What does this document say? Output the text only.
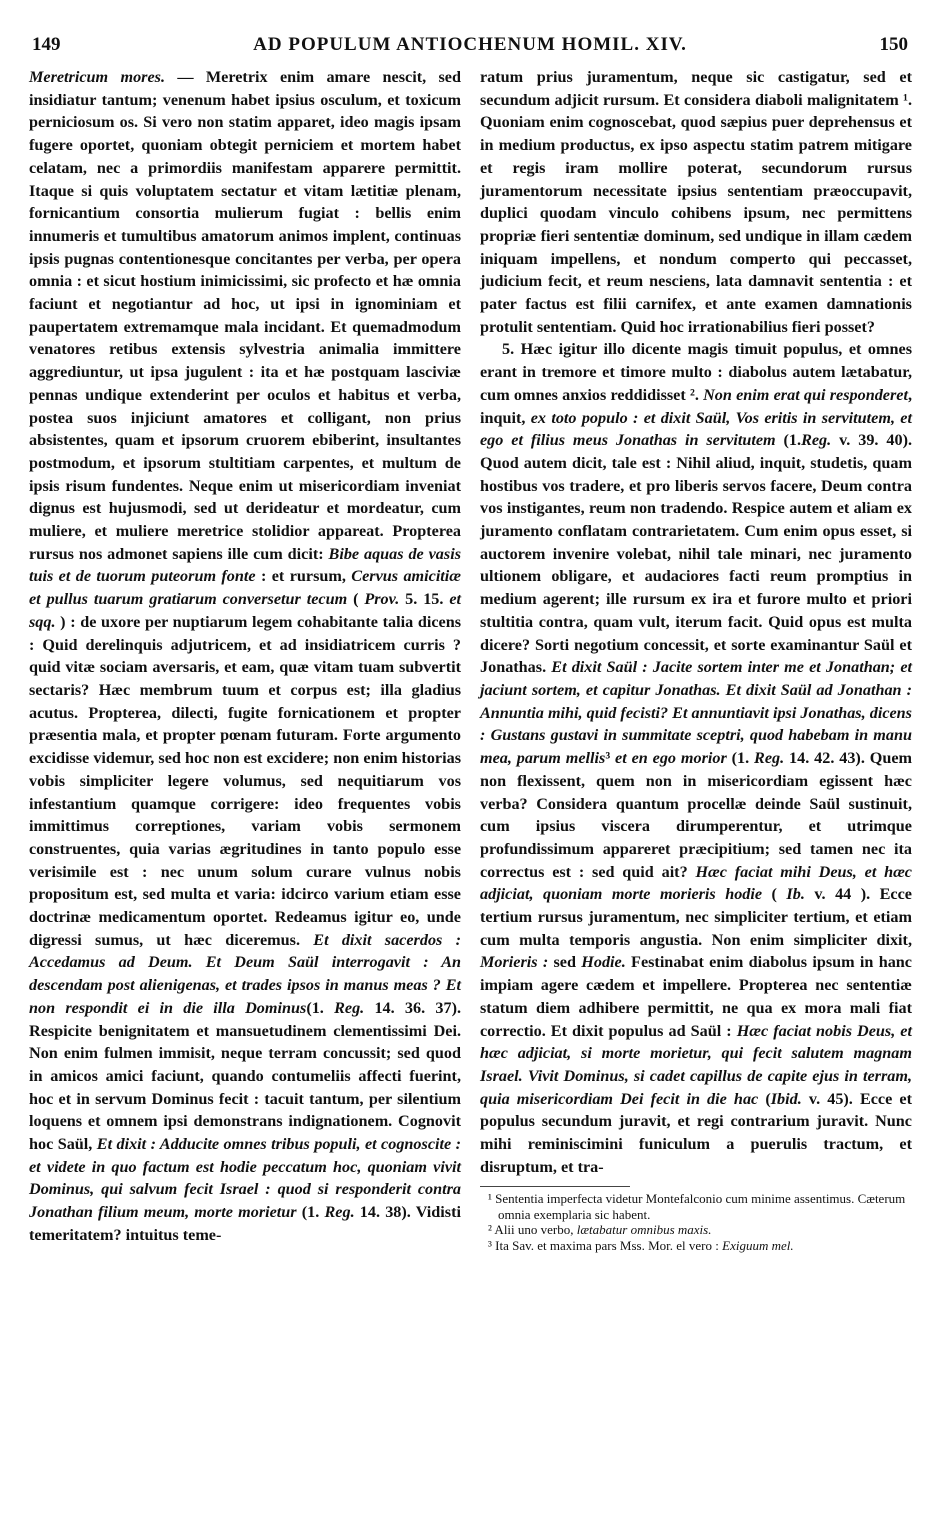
149	AD POPULUM ANTIOCHENUM HOMIL. XIV.	150

Meretricum mores. — Meretrix enim amare nescit, sed insidiatur tantum; venenum habet ipsius osculum, et toxicum perniciosum os. Si vero non statim apparet, ideo magis ipsam fugere oportet, quoniam obtegit perniciem et mortem habet celatam, nec a primordiis manifestam apparere permittit. Itaque si quis voluptatem sectatur et vitam lætitiæ plenam, fornicantium consortia mulierum fugiat : bellis enim innumeris et tumultibus amatorum animos implent, continuas ipsis pugnas contentionesque concitantes per verba, per opera omnia : et sicut hostium inimicissimi, sic profecto et hæ omnia faciunt et negotiantur ad hoc, ut ipsi in ignominiam et paupertatem extremamque mala incidant. Et quemadmodum venatores retibus extensis sylvestria animalia immittere aggrediuntur, ut ipsa jugulent : ita et hæ postquam lasciviæ pennas undique extenderint per oculos et habitus et verba, postea suos injiciunt amatores et colligant, non prius absistentes, quam et ipsorum cruorem ebiberint, insultantes postmodum, et ipsorum stultitiam carpentes, et multum de ipsis risum fundentes. Neque enim ut misericordiam inveniat dignus est hujusmodi, sed ut derideatur et mordeatur, cum muliere, et muliere meretrice stolidior appareat. Propterea rursus nos admonet sapiens ille cum dicit: Bibe aquas de vasis tuis et de tuorum puteorum fonte : et rursum, Cervus amicitiæ et pullus tuarum gratiarum conversetur tecum ( Prov. 5. 15. et sqq. ) : de uxore per nuptiarum legem cohabitante talia dicens : Quid derelinquis adjutricem, et ad insidiatricem curris ? quid vitæ sociam aversaris, et eam, quæ vitam tuam subvertit sectaris? Hæc membrum tuum et corpus est; illa gladius acutus. Propterea, dilecti, fugite fornicationem et propter præsentia mala, et propter pœnam futuram. Forte argumento excidisse videmur, sed hoc non est excidere; non enim historias vobis simpliciter legere volumus, sed nequitiarum vos infestantium quamque corrigere: ideo frequentes vobis immittimus correptiones, variam vobis sermonem construentes, quia varias ægritudines in tanto populo esse verisimile est : nec unum solum curare vulnus nobis propositum est, sed multa et varia: idcirco varium etiam esse doctrinæ medicamentum oportet. Redeamus igitur eo, unde digressi sumus, ut hæc diceremus. Et dixit sacerdos : Accedamus ad Deum. Et Deum Saül interrogavit : An descendam post alienigenas, et trades ipsos in manus meas ? Et non respondit ei in die illa Dominus(1. Reg. 14. 36. 37). Respicite benignitatem et mansuetudinem clementissimi Dei. Non enim fulmen immisit, neque terram concussit; sed quod in amicos amici faciunt, quando contumeliis affecti fuerint, hoc et in servum Dominus fecit : tacuit tantum, per silentium loquens et omnem ipsi demonstrans indignationem. Cognovit hoc Saül, Et dixit : Adducite omnes tribus populi, et cognoscite : et videte in quo factum est hodie peccatum hoc, quoniam vivit Dominus, qui salvum fecit Israel : quod si responderit contra Jonathan filium meum, morte morietur (1. Reg. 14. 38). Vidisti temeritatem? intuitus teme-

ratum prius juramentum, neque sic castigatur, sed et secundum adjicit rursum. Et considera diaboli malignitatem ¹. Quoniam enim cognoscebat, quod sæpius puer deprehensus et in medium productus, ex ipso aspectu statim patrem mitigare et regis iram mollire poterat, secundorum rursus juramentorum necessitate ipsius sententiam præoccupavit, duplici quodam vinculo cohibens ipsum, nec permittens propriæ fieri sententiæ dominum, sed undique in illam cædem iniquam impellens, et nondum comperto qui peccasset, judicium fecit, et reum nesciens, lata damnavit sententia : et pater factus est filii carnifex, et ante examen damnationis protulit sententiam. Quid hoc irrationabilius fieri posset?

5. Hæc igitur illo dicente magis timuit populus, et omnes erant in tremore et timore multo : diabolus autem lætabatur, cum omnes anxios reddidisset ². Non enim erat qui responderet, inquit, ex toto populo : et dixit Saül, Vos eritis in servitutem, et ego et filius meus Jonathas in servitutem (1.Reg. v. 39. 40). Quod autem dicit, tale est : Nihil aliud, inquit, studetis, quam hostibus vos tradere, et pro liberis servos facere, Deum contra vos instigantes, reum non tradendo. Respice autem et aliam ex juramento conflatam contrarietatem. Cum enim opus esset, si auctorem invenire volebat, nihil tale minari, nec juramento ultionem obligare, et audaciores facti reum promptius in medium agerent; ille rursum ex ira et furore multo et priori stultitia contra, quam vult, iterum facit. Quid opus est multa dicere? Sorti negotium concessit, et sorte examinantur Saül et Jonathas. Et dixit Saül : Jacite sortem inter me et Jonathan; et jaciunt sortem, et capitur Jonathas. Et dixit Saül ad Jonathan : Annuntia mihi, quid fecisti? Et annuntiavit ipsi Jonathas, dicens : Gustans gustavi in summitate sceptri, quod habebam in manu mea, parum mellis³ et en ego morior (1. Reg. 14. 42. 43). Quem non flexissent, quem non in misericordiam egissent hæc verba? Considera quantum procellæ deinde Saül sustinuit, cum ipsius viscera dirumperentur, et utrimque profundissimum appareret præcipitium; sed tamen nec ita correctus est : sed quid ait? Hæc faciat mihi Deus, et hæc adjiciat, quoniam morte morieris hodie ( Ib. v. 44 ). Ecce tertium rursus juramentum, nec simpliciter tertium, et etiam cum multa temporis angustia. Non enim simpliciter dixit, Morieris : sed Hodie. Festinabat enim diabolus ipsum in hanc impiam agere cædem et impellere. Propterea nec sententiæ statum diem adhibere permittit, ne qua ex mora mali fiat correctio. Et dixit populus ad Saül : Hæc faciat nobis Deus, et hæc adjiciat, si morte morietur, qui fecit salutem magnam Israel. Vivit Dominus, si cadet capillus de capite ejus in terram, quia misericordiam Dei fecit in die hac (Ibid. v. 45). Ecce et populus secundum juravit, et regi contrarium juravit. Nunc mihi reminiscimini funiculum a puerulis tractum, et disruptum, et tra-

¹ Sententia imperfecta videtur Montefalconio cum minime assentimus. Cæterum omnia exemplaria sic habent.

² Alii uno verbo, lætabatur omnibus maxis.

³ Ita Sav. et maxima pars Mss. Mor. el vero : Exiguum mel.
